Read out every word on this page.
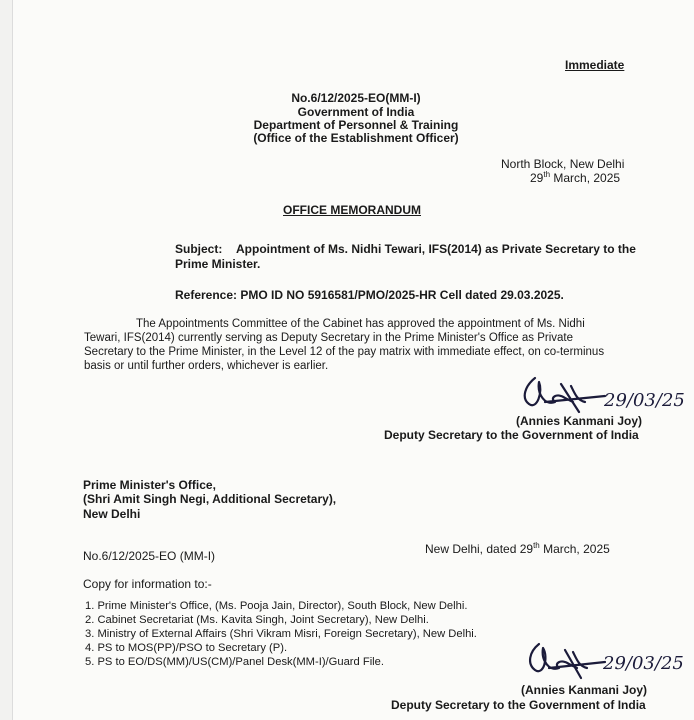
Immediate
No.6/12/2025-EO(MM-I)
Government of India
Department of Personnel & Training
(Office of the Establishment Officer)
North Block, New Delhi
29th March, 2025
OFFICE MEMORANDUM
Subject: Appointment of Ms. Nidhi Tewari, IFS(2014) as Private Secretary to the
Prime Minister.
Reference: PMO ID NO 5916581/PMO/2025-HR Cell dated 29.03.2025.
The Appointments Committee of the Cabinet has approved the appointment of Ms. Nidhi
Tewari, IFS(2014) currently serving as Deputy Secretary in the Prime Minister's Office as Private
Secretary to the Prime Minister, in the Level 12 of the pay matrix with immediate effect, on co-terminus
basis or until further orders, whichever is earlier.
29/03/25
(Annies Kanmani Joy)
Deputy Secretary to the Government of India
Prime Minister's Office,
(Shri Amit Singh Negi, Additional Secretary),
New Delhi
No.6/12/2025-EO (MM-I)	New Delhi, dated 29th March, 2025
Copy for information to:-
1. Prime Minister's Office, (Ms. Pooja Jain, Director), South Block, New Delhi.
2. Cabinet Secretariat (Ms. Kavita Singh, Joint Secretary), New Delhi.
3. Ministry of External Affairs (Shri Vikram Misri, Foreign Secretary), New Delhi.
4. PS to MOS(PP)/PSO to Secretary (P).
5. PS to EO/DS(MM)/US(CM)/Panel Desk(MM-I)/Guard File.	29/03/25
(Annies Kanmani Joy)
Deputy Secretary to the Government of India
